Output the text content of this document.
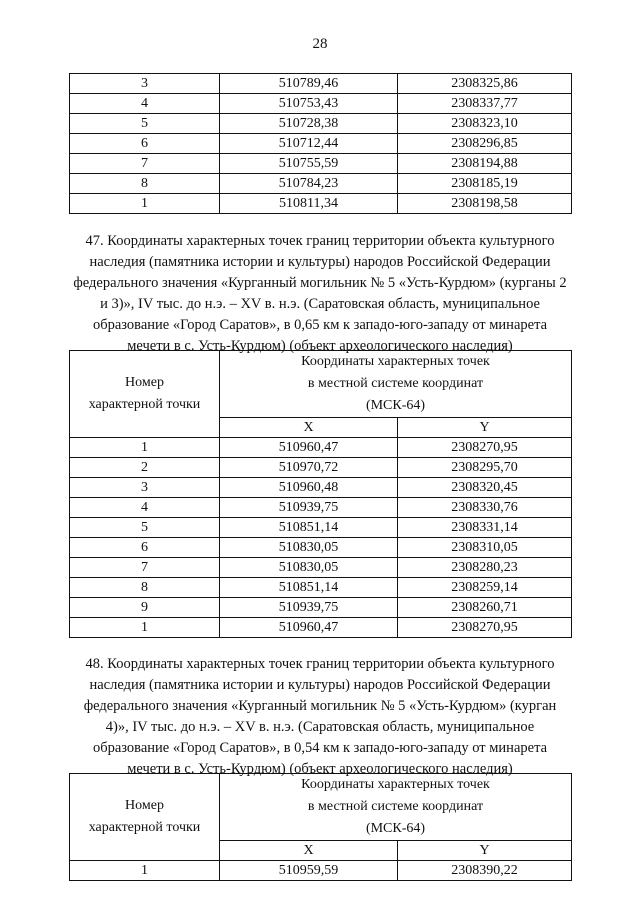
28
3	510789,46	2308325,86
4	510753,43	2308337,77
5	510728,38	2308323,10
6	510712,44	2308296,85
7	510755,59	2308194,88
8	510784,23	2308185,19
1	510811,34	2308198,58
47. Координаты характерных точек границ территории объекта культурного
наследия (памятника истории и культуры) народов Российской Федерации
федерального значения «Курганный могильник № 5 «Усть-Курдюм» (курганы 2
и 3)», IV тыс. до н.э. – XV в. н.э. (Саратовская область, муниципальное
образование «Город Саратов», в 0,65 км к западо-юго-западу от минарета
мечети в с. Усть-Курдюм) (объект археологического наследия)
Номер
характерной точки	Координаты характерных точек
в местной системе координат
(МСК-64)	

	X	Y
1	510960,47	2308270,95
2	510970,72	2308295,70
3	510960,48	2308320,45
4	510939,75	2308330,76
5	510851,14	2308331,14
6	510830,05	2308310,05
7	510830,05	2308280,23
8	510851,14	2308259,14
9	510939,75	2308260,71
1	510960,47	2308270,95
48. Координаты характерных точек границ территории объекта культурного
наследия (памятника истории и культуры) народов Российской Федерации
федерального значения «Курганный могильник № 5 «Усть-Курдюм» (курган
4)», IV тыс. до н.э. – XV в. н.э. (Саратовская область, муниципальное
образование «Город Саратов», в 0,54 км к западо-юго-западу от минарета
мечети в с. Усть-Курдюм) (объект археологического наследия)
Номер
характерной точки	Координаты характерных точек
в местной системе координат
(МСК-64)	

	X	Y
1	510959,59	2308390,22
